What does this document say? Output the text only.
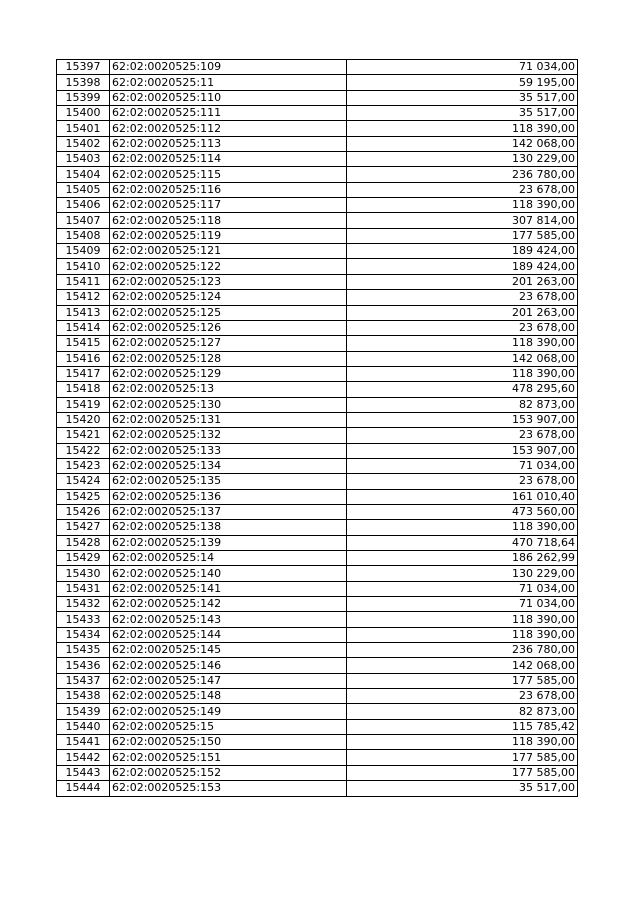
15397	62:02:0020525:109	71 034,00
15398	62:02:0020525:11	59 195,00
15399	62:02:0020525:110	35 517,00
15400	62:02:0020525:111	35 517,00
15401	62:02:0020525:112	118 390,00
15402	62:02:0020525:113	142 068,00
15403	62:02:0020525:114	130 229,00
15404	62:02:0020525:115	236 780,00
15405	62:02:0020525:116	23 678,00
15406	62:02:0020525:117	118 390,00
15407	62:02:0020525:118	307 814,00
15408	62:02:0020525:119	177 585,00
15409	62:02:0020525:121	189 424,00
15410	62:02:0020525:122	189 424,00
15411	62:02:0020525:123	201 263,00
15412	62:02:0020525:124	23 678,00
15413	62:02:0020525:125	201 263,00
15414	62:02:0020525:126	23 678,00
15415	62:02:0020525:127	118 390,00
15416	62:02:0020525:128	142 068,00
15417	62:02:0020525:129	118 390,00
15418	62:02:0020525:13	478 295,60
15419	62:02:0020525:130	82 873,00
15420	62:02:0020525:131	153 907,00
15421	62:02:0020525:132	23 678,00
15422	62:02:0020525:133	153 907,00
15423	62:02:0020525:134	71 034,00
15424	62:02:0020525:135	23 678,00
15425	62:02:0020525:136	161 010,40
15426	62:02:0020525:137	473 560,00
15427	62:02:0020525:138	118 390,00
15428	62:02:0020525:139	470 718,64
15429	62:02:0020525:14	186 262,99
15430	62:02:0020525:140	130 229,00
15431	62:02:0020525:141	71 034,00
15432	62:02:0020525:142	71 034,00
15433	62:02:0020525:143	118 390,00
15434	62:02:0020525:144	118 390,00
15435	62:02:0020525:145	236 780,00
15436	62:02:0020525:146	142 068,00
15437	62:02:0020525:147	177 585,00
15438	62:02:0020525:148	23 678,00
15439	62:02:0020525:149	82 873,00
15440	62:02:0020525:15	115 785,42
15441	62:02:0020525:150	118 390,00
15442	62:02:0020525:151	177 585,00
15443	62:02:0020525:152	177 585,00
15444	62:02:0020525:153	35 517,00
